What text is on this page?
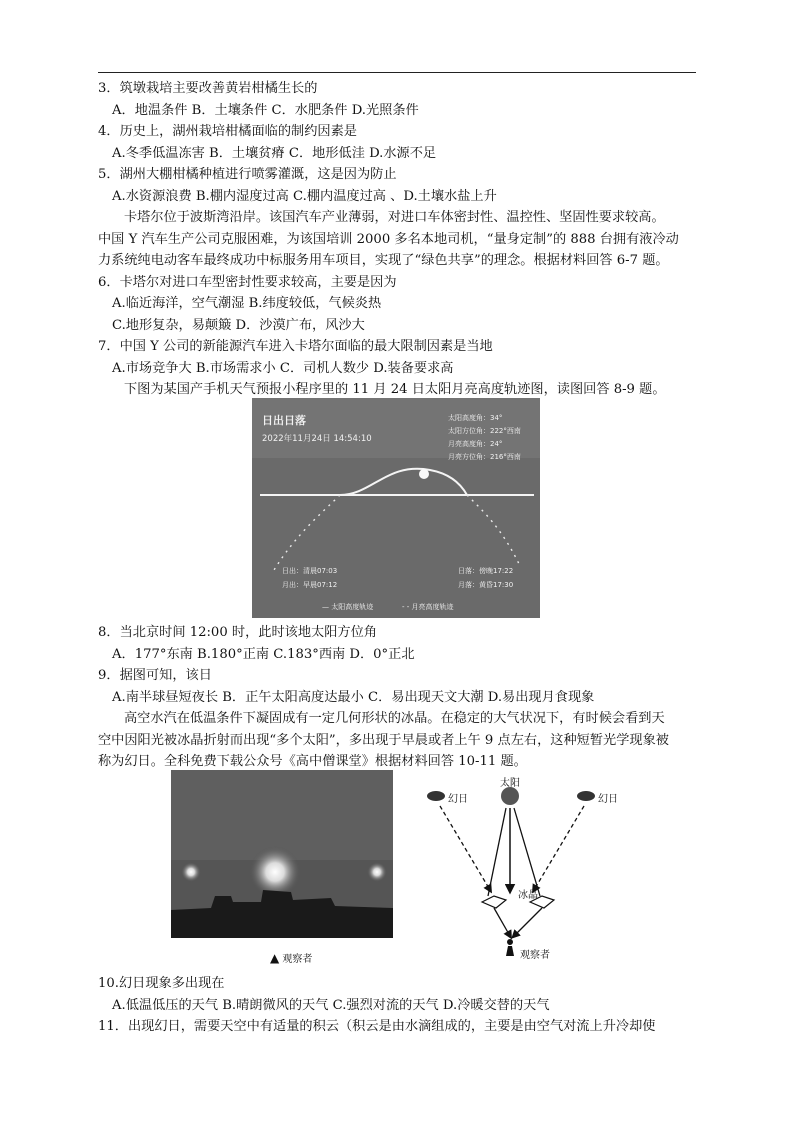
3．筑墩栽培主要改善黄岩柑橘生长的
A．地温条件 B．土壤条件 C．水肥条件 D.光照条件
4．历史上，湖州栽培柑橘面临的制约因素是
A.冬季低温冻害 B．土壤贫瘠 C．地形低洼 D.水源不足
5．湖州大棚柑橘种植进行喷雾灌溉，这是因为防止
A.水资源浪费 B.棚内湿度过高 C.棚内温度过高 、D.土壤水盐上升
卡塔尔位于波斯湾沿岸。该国汽车产业薄弱，对进口车体密封性、温控性、坚固性要求较高。
中国 Y 汽车生产公司克服困难，为该国培训 2000 多名本地司机，“量身定制”的 888 台拥有液冷动
力系统纯电动客车最终成功中标服务用车项目，实现了“绿色共享”的理念。根据材料回答 6-7 题。
6．卡塔尔对进口车型密封性要求较高，主要是因为
A.临近海洋，空气潮湿 B.纬度较低，气候炎热
C.地形复杂，易颠簸 D．沙漠广布，风沙大
7．中国 Y 公司的新能源汽车进入卡塔尔面临的最大限制因素是当地
A.市场竞争大 B.市场需求小 C．司机人数少 D.装备要求高
下图为某国产手机天气预报小程序里的 11 月 24 日太阳月亮高度轨迹图，读图回答 8-9 题。
日出日落
2022年11月24日 14:54:10
太阳高度角：34°
太阳方位角：222°西南
月亮高度角：24°
月亮方位角：216°西南
日出：清晨07:03
月出：早晨07:12
日落：傍晚17:22
月落：黄昏17:30
— 太阳高度轨迹	- - 月亮高度轨迹
8．当北京时间 12:00 时，此时该地太阳方位角
A．177°东南 B.180°正南 C.183°西南 D．0°正北
9．据图可知，该日
A.南半球昼短夜长 B．正午太阳高度达最小 C．易出现天文大潮 D.易出现月食现象
高空水汽在低温条件下凝固成有一定几何形状的冰晶。在稳定的大气状况下，有时候会看到天
空中因阳光被冰晶折射而出现“多个太阳”，多出现于早晨或者上午 9 点左右，这种短暂光学现象被
称为幻日。全科免费下载公众号《高中僧课堂》根据材料回答 10-11 题。
▲ 观察者
幻日
太阳
幻日
冰晶
观察者
10.幻日现象多出现在
A.低温低压的天气 B.晴朗微风的天气 C.强烈对流的天气 D.冷暖交替的天气
11．出现幻日，需要天空中有适量的积云（积云是由水滴组成的，主要是由空气对流上升冷却使
